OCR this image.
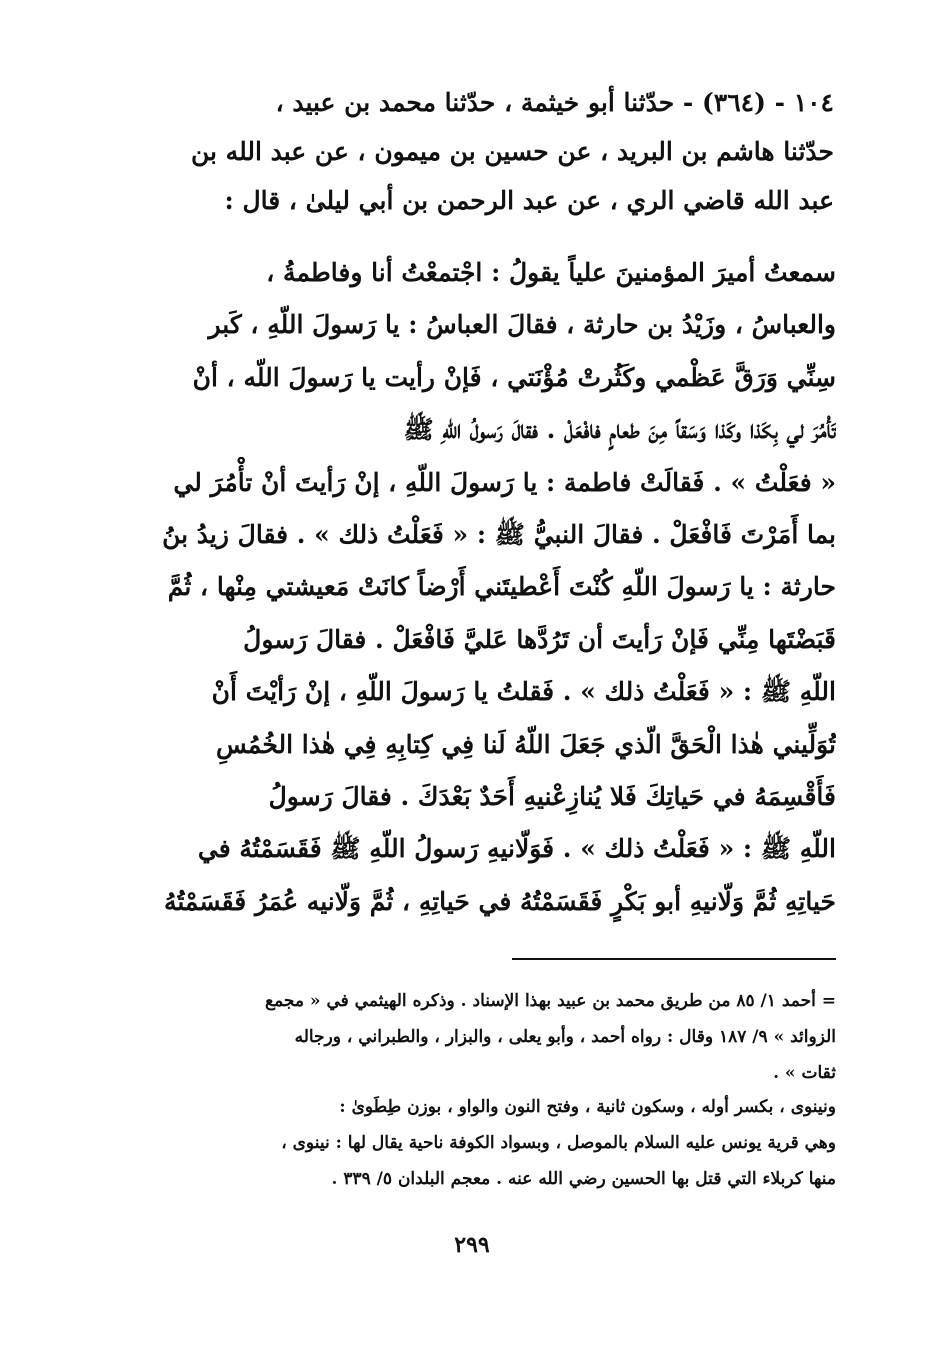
١٠٤ - (٣٦٤) - حدّثنا أبو خيثمة ، حدّثنا محمد بن عبيد ،
حدّثنا هاشم بن البريد ، عن حسين بن ميمون ، عن عبد الله بن
عبد الله قاضي الري ، عن عبد الرحمن بن أبي ليلىٰ ، قال :
سمعتُ أميرَ المؤمنينَ علياً يقولُ : اجْتمعْتُ أنا وفاطمةُ ،
والعباسُ ، وزَيْدُ بن حارثة ، فقالَ العباسُ : يا رَسولَ اللّهِ ، كَبر
سِنِّي وَرَقَّ عَظْمي وكَثُرتْ مُؤْنَتي ، فَإنْ رأيت يا رَسولَ اللّه ، أنْ
تَأْمُرَ لي بِكَذا وكَذا وَسَقاً مِنَ طعامٍ فافْعَلْ . فقالَ رَسولُ اللّهِ ﷺ
« فعَلْتُ » . فَقالَتْ فاطمة : يا رَسولَ اللّهِ ، إنْ رَأيتَ أنْ تأْمُرَ لي
بما أَمَرْتَ فَافْعَلْ . فقالَ النبيُّ ﷺ : « فَعَلْتُ ذلك » . فقالَ زيدُ بنُ
حارثة : يا رَسولَ اللّهِ كُنْتَ أَعْطيتَني أَرْضاً كانَتْ مَعيشتي مِنْها ، ثُمَّ
قَبَضْتَها مِنِّي فَإنْ رَأيتَ أن تَرُدَّها عَليَّ فَافْعَلْ . فقالَ رَسولُ
اللّهِ ﷺ : « فَعَلْتُ ذلك » . فَقلتُ يا رَسولَ اللّهِ ، إنْ رَأيْتَ أَنْ
تُوَلِّيني هٰذا الْحَقَّ الّذي جَعَلَ اللّهُ لَنا فِي كِتابِهِ فِي هٰذا الخُمُسِ
فَأَقْسِمَهُ في حَياتِكَ فَلا يُنازِعْنيهِ أَحَدٌ بَعْدَكَ . فقالَ رَسولُ
اللّهِ ﷺ : « فَعَلْتُ ذلك » . فَوَلّانيهِ رَسولُ اللّهِ ﷺ فَقَسَمْتُهُ في
حَياتِهِ ثُمَّ وَلّانيهِ أبو بَكْرٍ فَقَسَمْتُهُ في حَياتِهِ ، ثُمَّ وَلّانيه عُمَرُ فَقَسَمْتُهُ
= أحمد ١/ ٨٥ من طريق محمد بن عبيد بهذا الإسناد . وذكره الهيثمي في « مجمع
الزوائد » ٩/ ١٨٧ وقال : رواه أحمد ، وأبو يعلى ، والبزار ، والطبراني ، ورجاله
ثقات » .
ونينوى ، بكسر أوله ، وسكون ثانية ، وفتح النون والواو ، بوزن طِطَوىٰ :
وهي قرية يونس عليه السلام بالموصل ، وبسواد الكوفة ناحية يقال لها : نينوى ،
منها كربلاء التي قتل بها الحسين رضي الله عنه . معجم البلدان ٥/ ٣٣٩ .
٢٩٩
